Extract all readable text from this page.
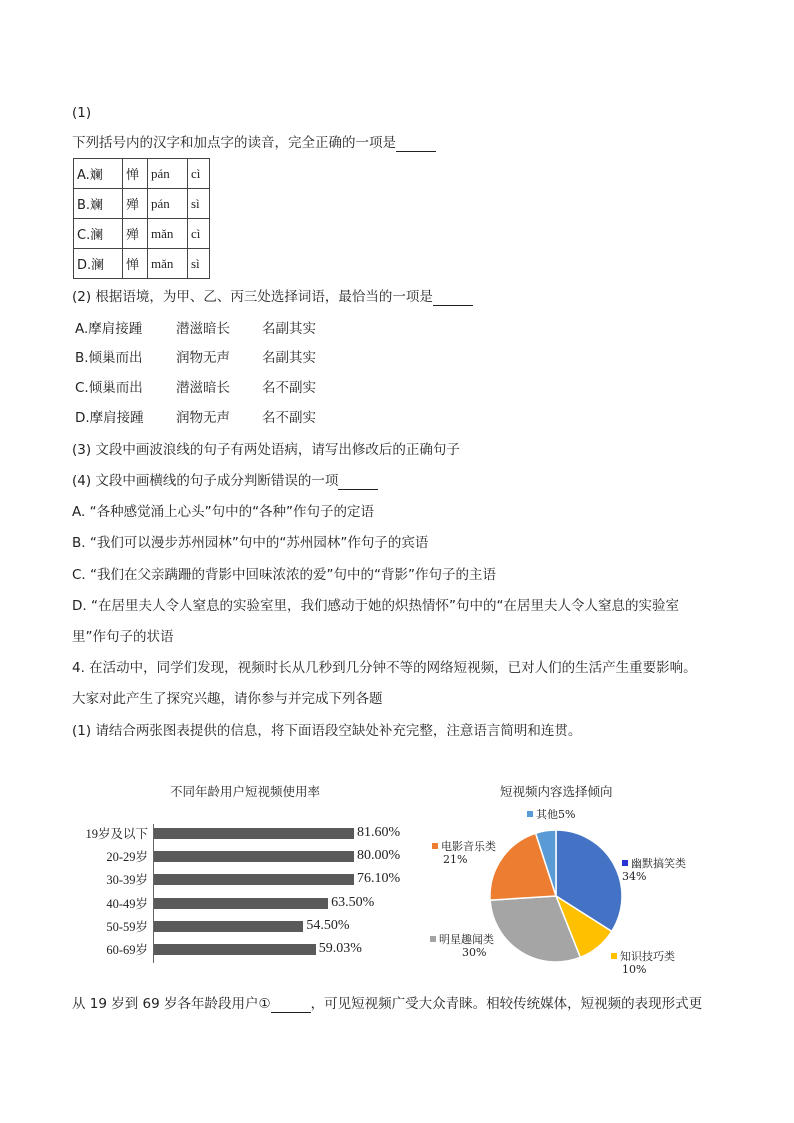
(1)
下列括号内的汉字和加点字的读音，完全正确的一项是
A.斓	惮	pán	cì
B.斓	殚	pán	sì
C.澜	殚	mǎn	cì
D.澜	惮	mǎn	sì
(2) 根据语境，为甲、乙、丙三处选择词语，最恰当的一项是
A.摩肩接踵 潜滋暗长 名副其实
B.倾巢而出 润物无声 名副其实
C.倾巢而出 潜滋暗长 名不副实
D.摩肩接踵 润物无声 名不副实
(3) 文段中画波浪线的句子有两处语病，请写出修改后的正确句子
(4) 文段中画横线的句子成分判断错误的一项
A. “各种感觉涌上心头”句中的“各种”作句子的定语
B. “我们可以漫步苏州园林”句中的“苏州园林”作句子的宾语
C. “我们在父亲蹒跚的背影中回味浓浓的爱”句中的“背影”作句子的主语
D. “在居里夫人令人窒息的实验室里，我们感动于她的炽热情怀”句中的“在居里夫人令人窒息的实验室
里”作句子的状语
4. 在活动中，同学们发现，视频时长从几秒到几分钟不等的网络短视频，已对人们的生活产生重要影响。
大家对此产生了探究兴趣，请你参与并完成下列各题
(1) 请结合两张图表提供的信息，将下面语段空缺处补充完整，注意语言简明和连贯。
不同年龄用户短视频使用率
19岁及以下	81.60%
20-29岁	80.00%
30-39岁	76.10%
40-49岁	63.50%
50-59岁	54.50%
60-69岁	59.03%
短视频内容选择倾向
其他5%
电影音乐类
21%	幽默搞笑类
34%
明星趣闻类
30%	知识技巧类
10%
从 19 岁到 69 岁各年龄段用户①	，可见短视频广受大众青睐。相较传统媒体，短视频的表现形式更
